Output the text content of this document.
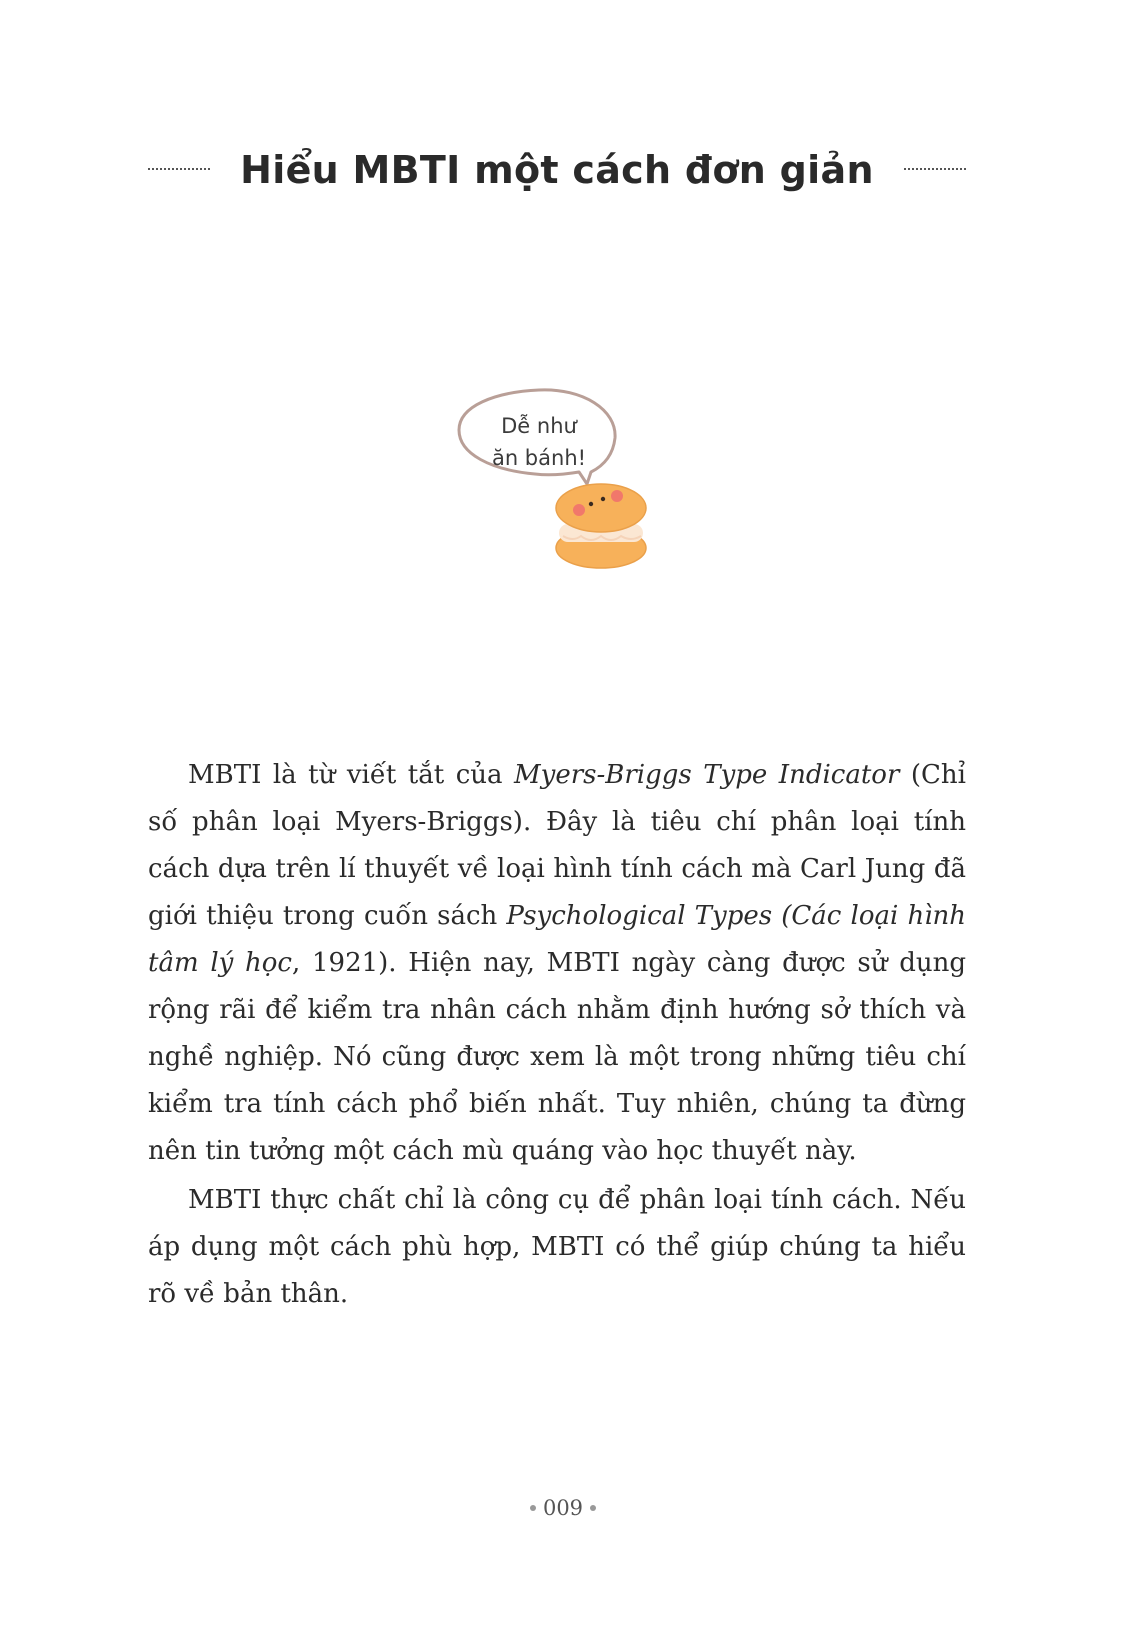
Hiểu MBTI một cách đơn giản
Dễ như
ăn bánh!

MBTI là từ viết tắt của Myers-Briggs Type Indicator (Chỉ số phân loại Myers-Briggs). Đây là tiêu chí phân loại tính cách dựa trên lí thuyết về loại hình tính cách mà Carl Jung đã giới thiệu trong cuốn sách Psychological Types (Các loại hình tâm lý học, 1921). Hiện nay, MBTI ngày càng được sử dụng rộng rãi để kiểm tra nhân cách nhằm định hướng sở thích và nghề nghiệp. Nó cũng được xem là một trong những tiêu chí kiểm tra tính cách phổ biến nhất. Tuy nhiên, chúng ta đừng nên tin tưởng một cách mù quáng vào học thuyết này.

MBTI thực chất chỉ là công cụ để phân loại tính cách. Nếu áp dụng một cách phù hợp, MBTI có thể giúp chúng ta hiểu rõ về bản thân.

009
